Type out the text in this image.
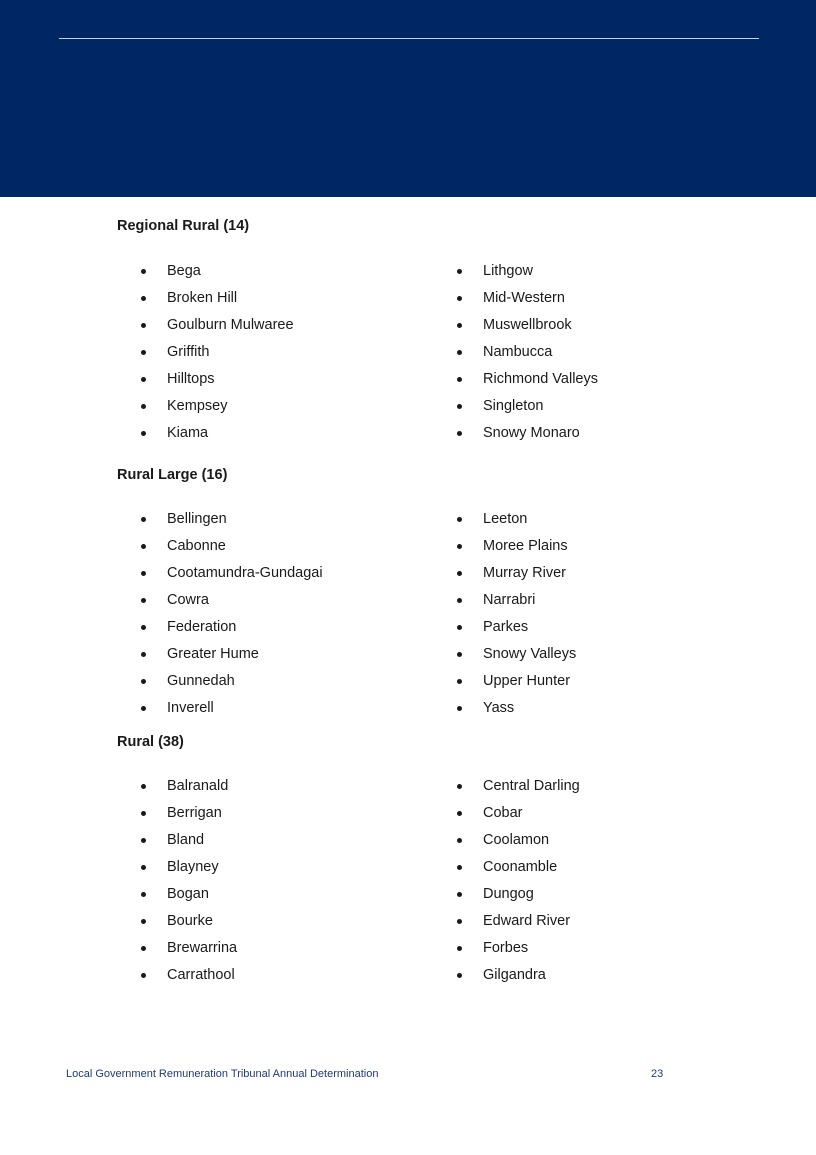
Regional Rural (14)
Bega
Broken Hill
Goulburn Mulwaree
Griffith
Hilltops
Kempsey
Kiama
Lithgow
Mid-Western
Muswellbrook
Nambucca
Richmond Valleys
Singleton
Snowy Monaro
Rural Large (16)
Bellingen
Cabonne
Cootamundra-Gundagai
Cowra
Federation
Greater Hume
Gunnedah
Inverell
Leeton
Moree Plains
Murray River
Narrabri
Parkes
Snowy Valleys
Upper Hunter
Yass
Rural (38)
Balranald
Berrigan
Bland
Blayney
Bogan
Bourke
Brewarrina
Carrathool
Central Darling
Cobar
Coolamon
Coonamble
Dungog
Edward River
Forbes
Gilgandra
Local Government Remuneration Tribunal Annual Determination	23
